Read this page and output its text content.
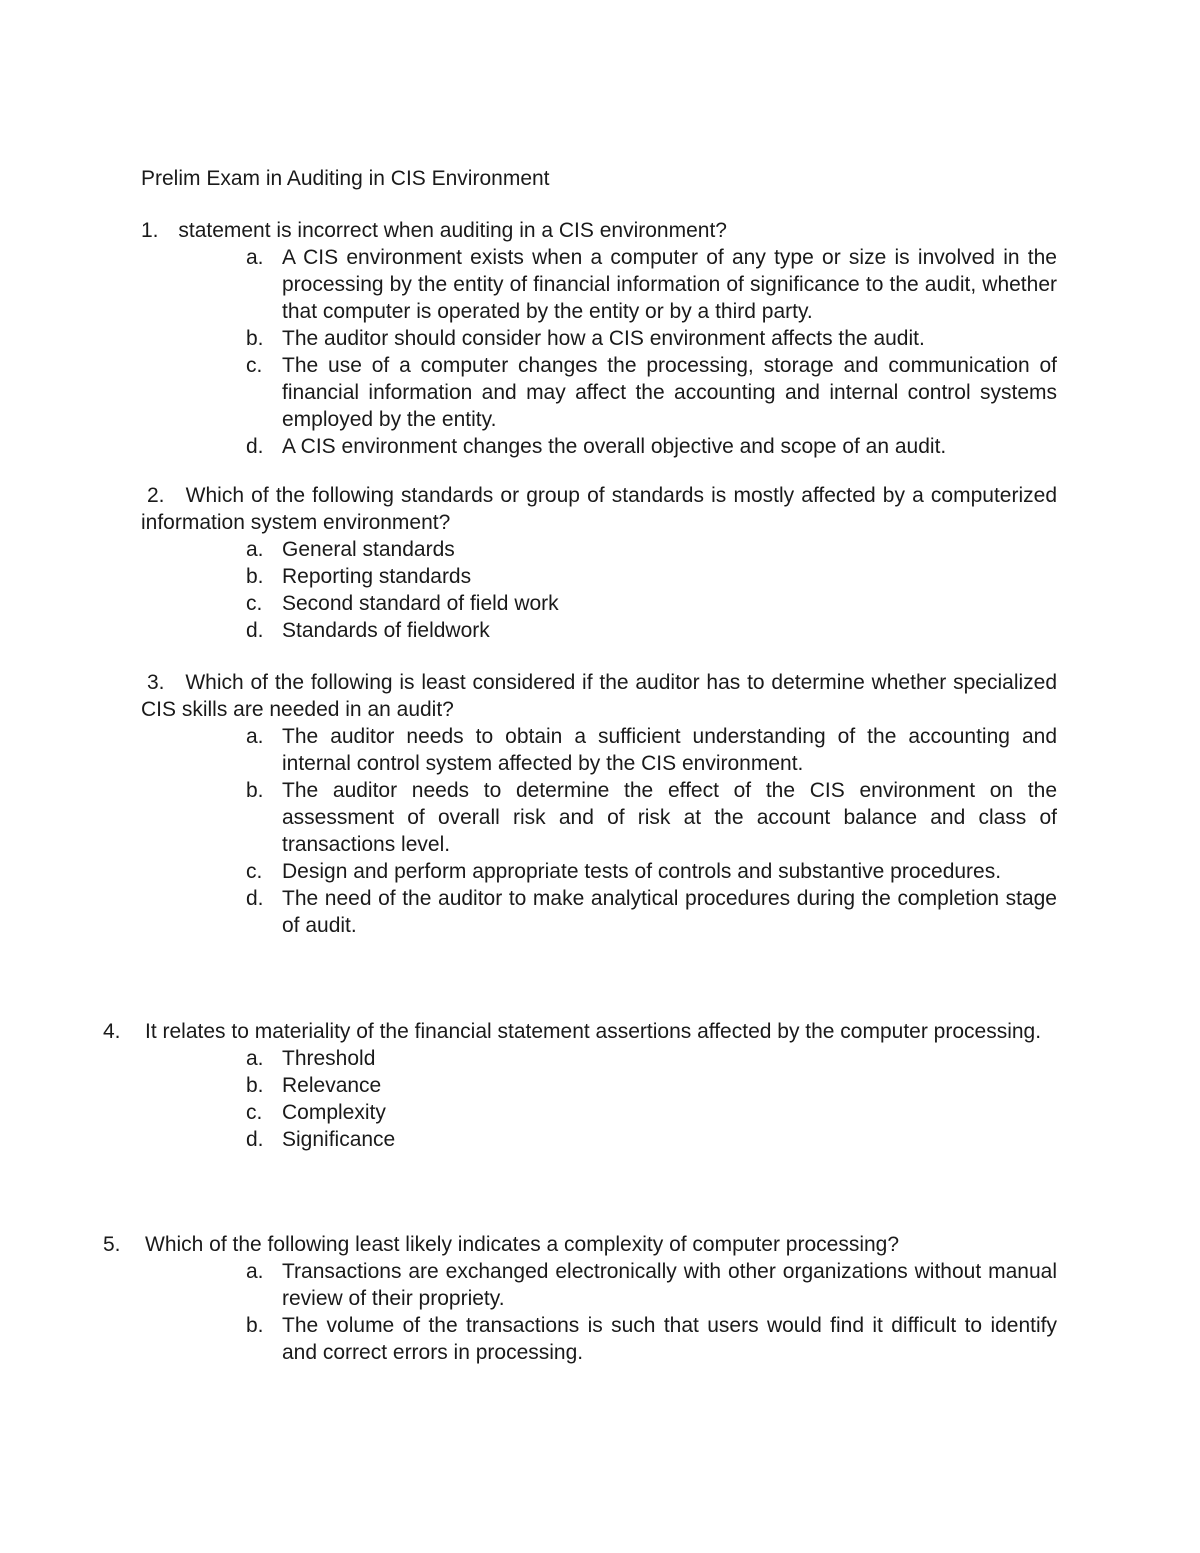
Prelim Exam in Auditing in CIS Environment
1. statement is incorrect when auditing in a CIS environment?
a. A CIS environment exists when a computer of any type or size is involved in the processing by the entity of financial information of significance to the audit, whether that computer is operated by the entity or by a third party.
b. The auditor should consider how a CIS environment affects the audit.
c. The use of a computer changes the processing, storage and communication of financial information and may affect the accounting and internal control systems employed by the entity.
d. A CIS environment changes the overall objective and scope of an audit.
2. Which of the following standards or group of standards is mostly affected by a computerized information system environment?
a. General standards
b. Reporting standards
c. Second standard of field work
d. Standards of fieldwork
3. Which of the following is least considered if the auditor has to determine whether specialized CIS skills are needed in an audit?
a. The auditor needs to obtain a sufficient understanding of the accounting and internal control system affected by the CIS environment.
b. The auditor needs to determine the effect of the CIS environment on the assessment of overall risk and of risk at the account balance and class of transactions level.
c. Design and perform appropriate tests of controls and substantive procedures.
d. The need of the auditor to make analytical procedures during the completion stage of audit.
4. It relates to materiality of the financial statement assertions affected by the computer processing.
a. Threshold
b. Relevance
c. Complexity
d. Significance
5. Which of the following least likely indicates a complexity of computer processing?
a. Transactions are exchanged electronically with other organizations without manual review of their propriety.
b. The volume of the transactions is such that users would find it difficult to identify and correct errors in processing.
